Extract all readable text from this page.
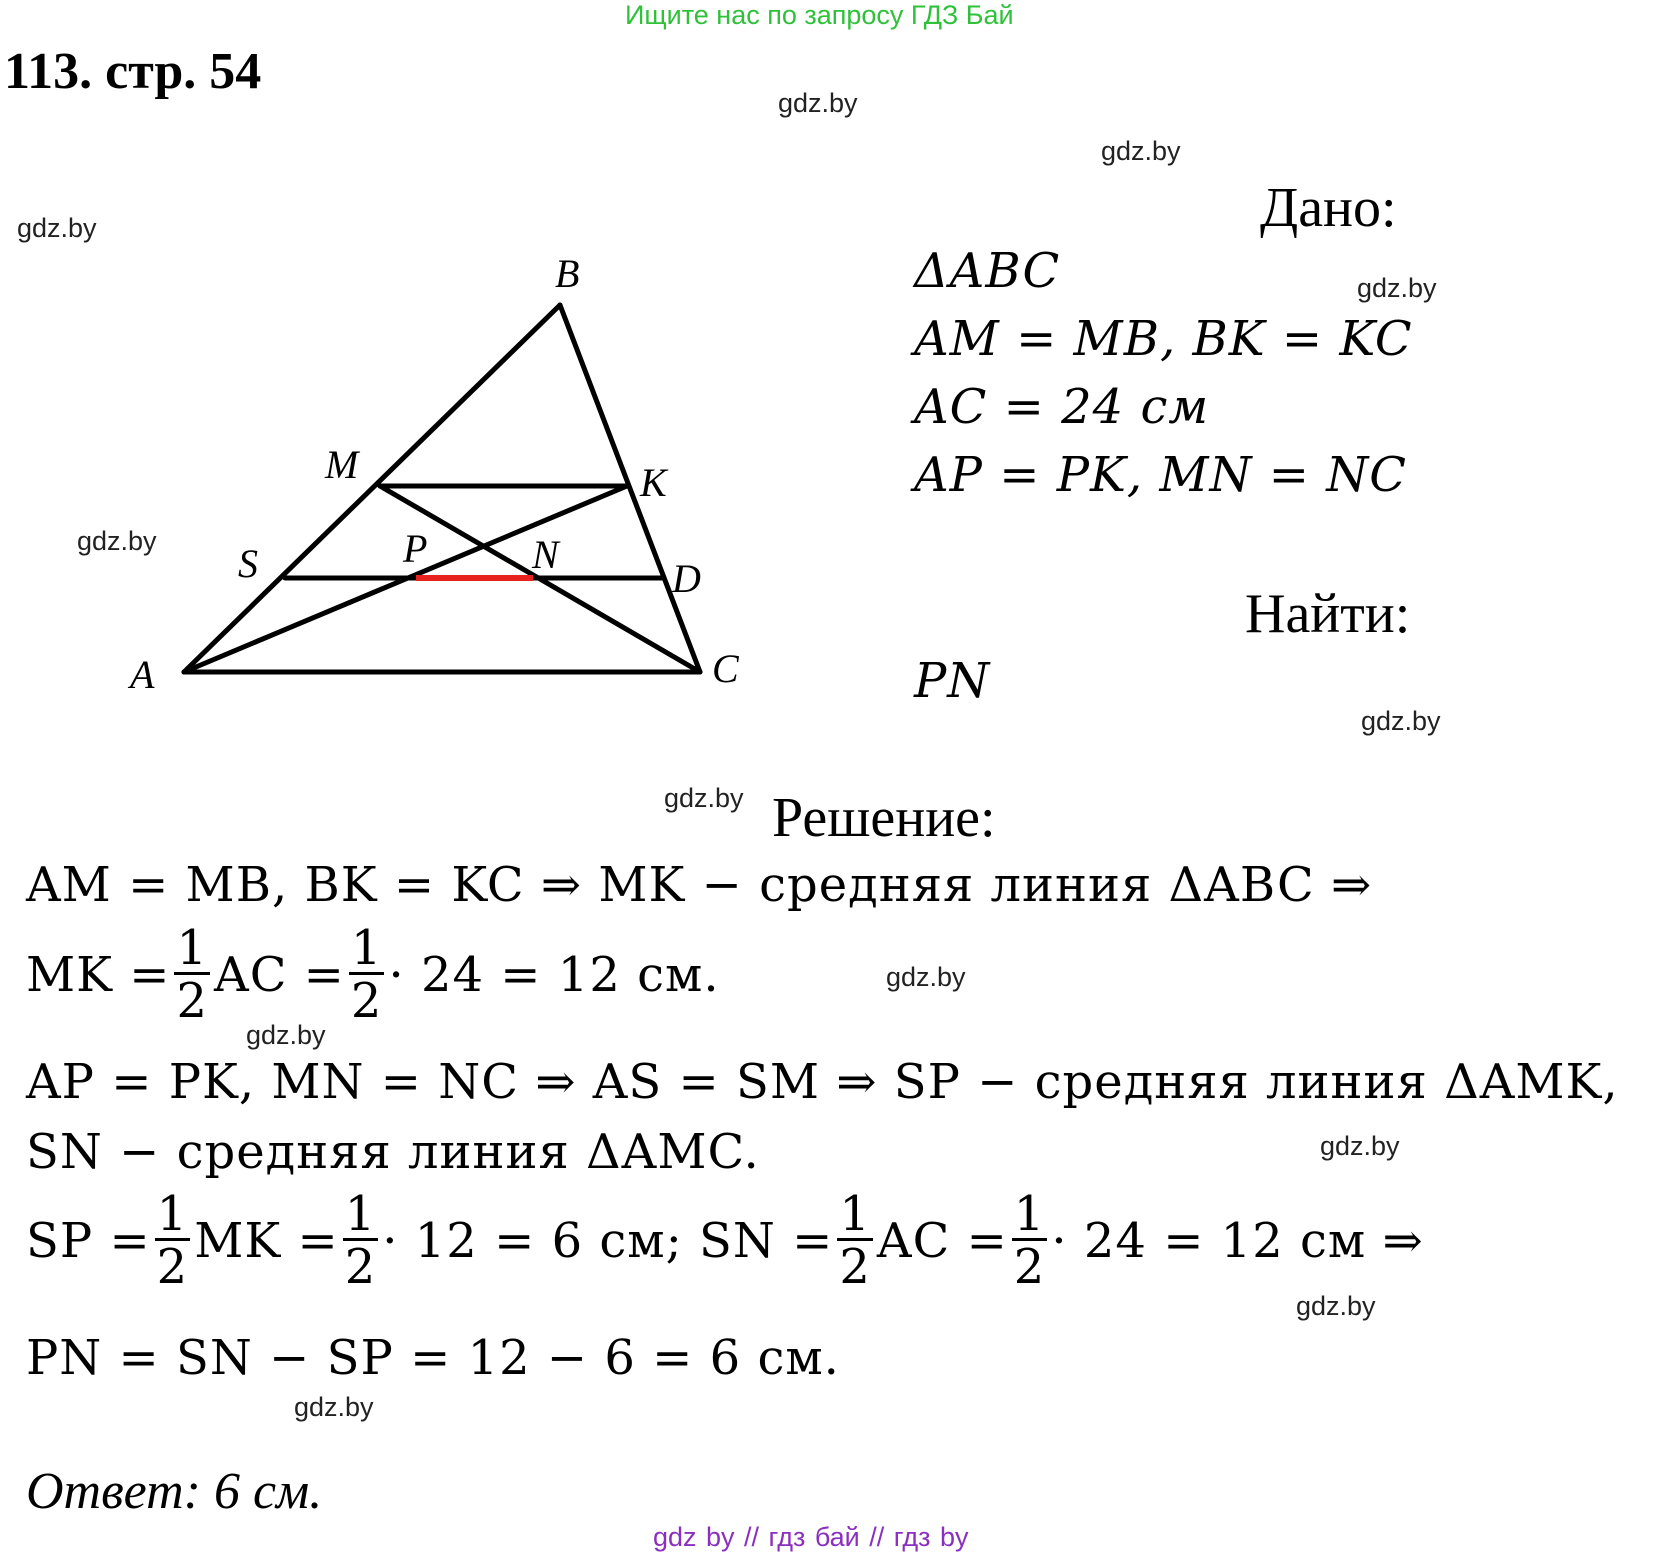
Ищите нас по запросу ГДЗ Бай
113. стр. 54
gdz.by
gdz.by
gdz.by
gdz.by
gdz.by
gdz.by
gdz.by
gdz.by
gdz.by
gdz.by
gdz.by
gdz.by
B
M	K
S	P	N
D
A	C
Дано:
ΔABC
AM = MB, BK = KC
AC = 24 см
AP = PK, MN = NC
Найти:
PN
Решение:
AM = MB, BK = KC ⇒ MK − средняя линия ΔABC ⇒
MK = $\frac{1}{2}$ AC = $\frac{1}{2} \cdot 24 = 12$ см.
AP = PK, MN = NC ⇒ AS = SM ⇒ SP − средняя линия ΔAMK,
SN − средняя линия ΔAMC.
SP = $\frac{1}{2}$ MK = $\frac{1}{2} \cdot 12 = 6$ см; SN = $\frac{1}{2}$ AC = $\frac{1}{2} \cdot 24 = 12$ см ⇒
PN = SN − SP = 12 − 6 = 6 см.
Ответ: 6 см.
gdz by // гдз бай // гдз by
